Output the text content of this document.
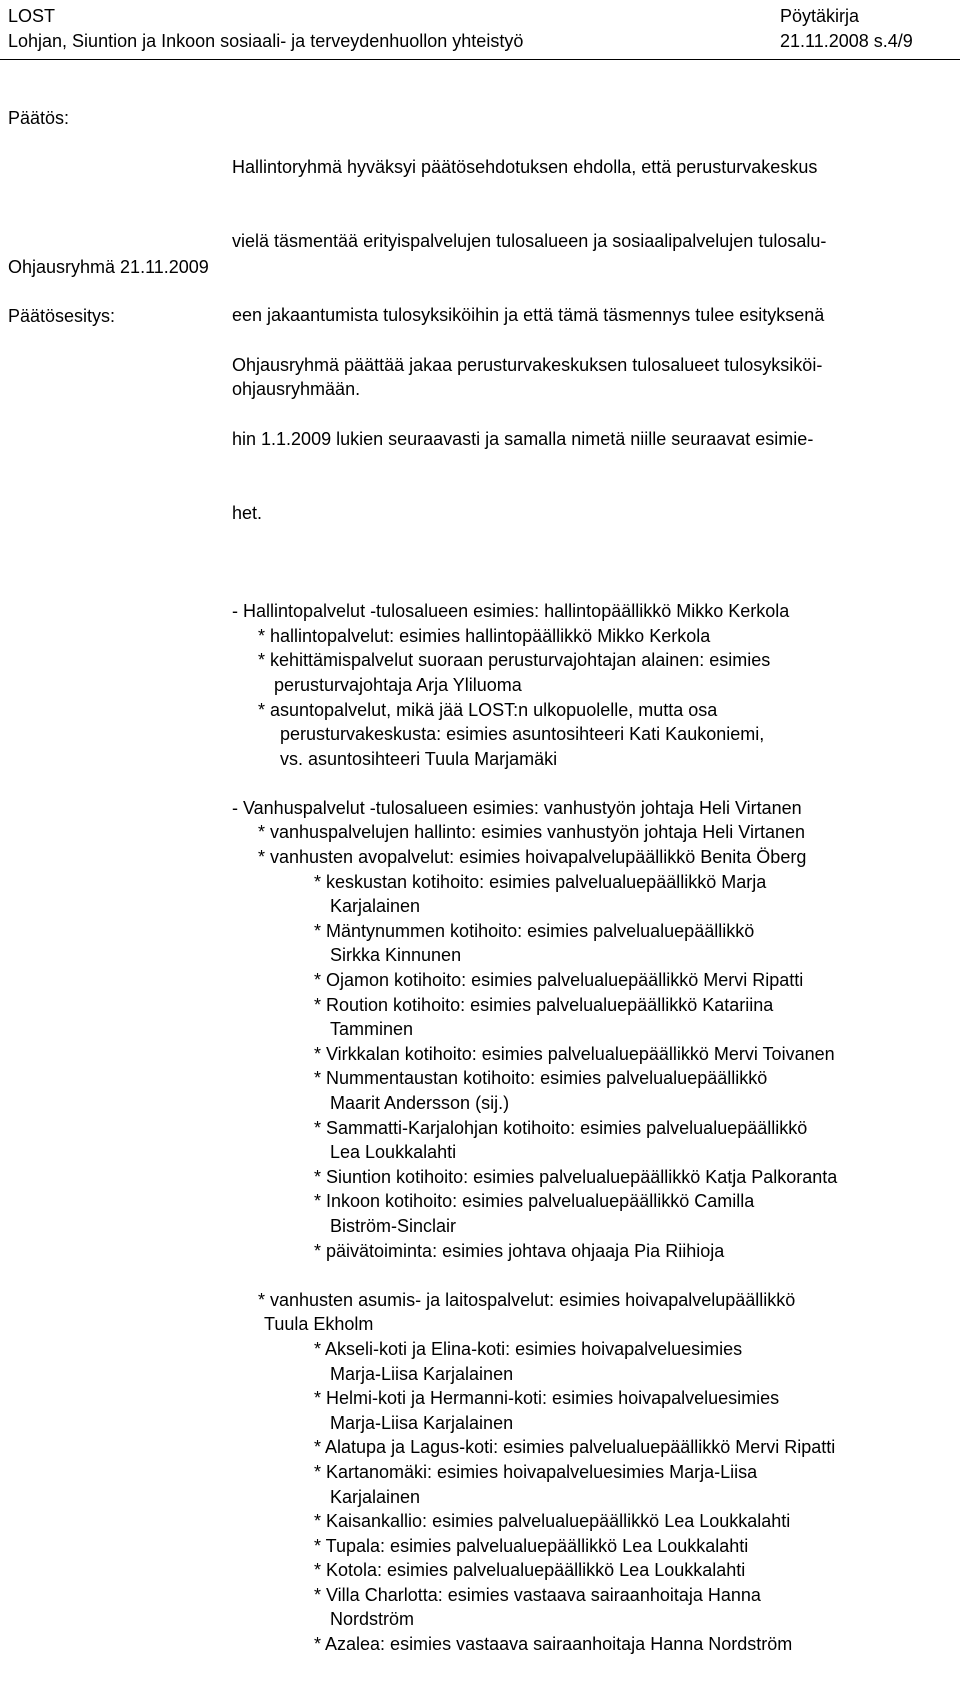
LOST
Lohjan, Siuntion ja Inkoon sosiaali- ja terveydenhuollon yhteistyö
Pöytäkirja
21.11.2008 s.4/9
Päätös:

Hallintoryhmä hyväksyi päätösehdotuksen ehdolla, että perusturvakeskus

vielä täsmentää erityispalvelujen tulosalueen ja sosiaalipalvelujen tulosalu-

een jakaantumista tulosyksiköihin ja että tämä täsmennys tulee esityksenä

ohjausryhmään.

Ohjausryhmä 21.11.2009
Päätösesitys:

Ohjausryhmä päättää jakaa perusturvakeskuksen tulosalueet tulosyksiköi-

hin 1.1.2009 lukien seuraavasti ja samalla nimetä niille seuraavat esimie-

het.

- Hallintopalvelut -tulosalueen esimies: hallintopäällikkö Mikko Kerkola
* hallintopalvelut: esimies hallintopäällikkö Mikko Kerkola
* kehittämispalvelut suoraan perusturvajohtajan alainen: esimies
perusturvajohtaja Arja Yliluoma
* asuntopalvelut, mikä jää LOST:n ulkopuolelle, mutta osa
perusturvakeskusta: esimies asuntosihteeri Kati Kaukoniemi,
vs. asuntosihteeri Tuula Marjamäki
- Vanhuspalvelut -tulosalueen esimies: vanhustyön johtaja Heli Virtanen
* vanhuspalvelujen hallinto: esimies vanhustyön johtaja Heli Virtanen
* vanhusten avopalvelut: esimies hoivapalvelupäällikkö Benita Öberg
* keskustan kotihoito: esimies palvelualuepäällikkö Marja
Karjalainen
* Mäntynummen kotihoito: esimies palvelualuepäällikkö
Sirkka Kinnunen
* Ojamon kotihoito: esimies palvelualuepäällikkö Mervi Ripatti
* Roution kotihoito: esimies palvelualuepäällikkö Katariina
Tamminen
* Virkkalan kotihoito: esimies palvelualuepäällikkö Mervi Toivanen
* Nummentaustan kotihoito: esimies palvelualuepäällikkö
Maarit Andersson (sij.)
* Sammatti-Karjalohjan kotihoito: esimies palvelualuepäällikkö
Lea Loukkalahti
* Siuntion kotihoito: esimies palvelualuepäällikkö Katja Palkoranta
* Inkoon kotihoito: esimies palvelualuepäällikkö Camilla
Biström-Sinclair
* päivätoiminta: esimies johtava ohjaaja Pia Riihioja
* vanhusten asumis- ja laitospalvelut: esimies hoivapalvelupäällikkö
Tuula Ekholm
* Akseli-koti ja Elina-koti: esimies hoivapalveluesimies
Marja-Liisa Karjalainen
* Helmi-koti ja Hermanni-koti: esimies hoivapalveluesimies
Marja-Liisa Karjalainen
* Alatupa ja Lagus-koti: esimies palvelualuepäällikkö Mervi Ripatti
* Kartanomäki: esimies hoivapalveluesimies Marja-Liisa
Karjalainen
* Kaisankallio: esimies palvelualuepäällikkö Lea Loukkalahti
* Tupala: esimies palvelualuepäällikkö Lea Loukkalahti
* Kotola: esimies palvelualuepäällikkö Lea Loukkalahti
* Villa Charlotta: esimies vastaava sairaanhoitaja Hanna
Nordström
* Azalea: esimies vastaava sairaanhoitaja Hanna Nordström
